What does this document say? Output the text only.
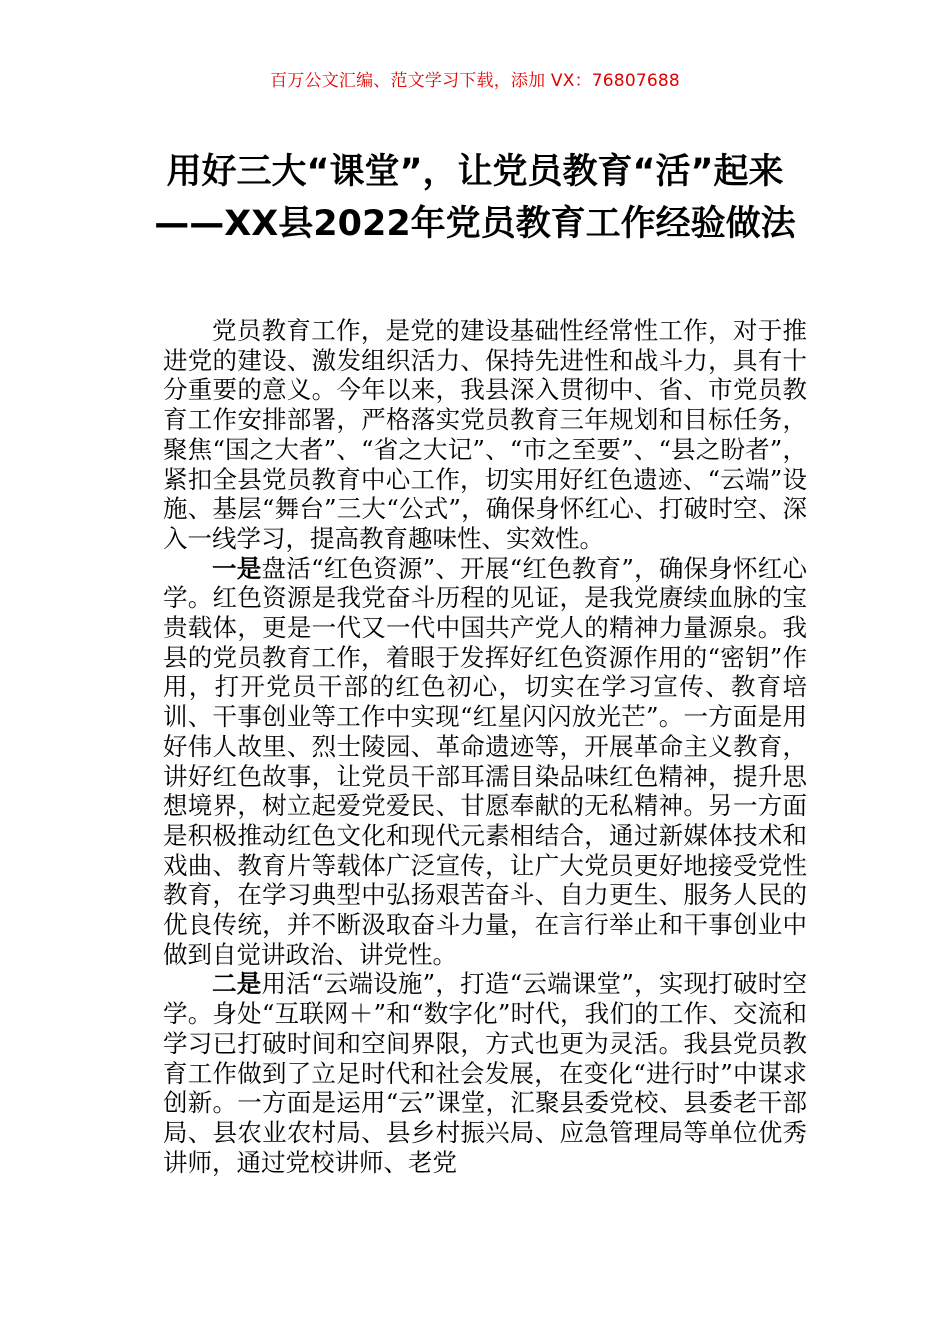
百万公文汇编、范文学习下载，添加 VX：76807688
用好三大“课堂”，让党员教育“活”起来——XX县2022年党员教育工作经验做法

党员教育工作，是党的建设基础性经常性工作，对于推进党的建设、激发组织活力、保持先进性和战斗力，具有十分重要的意义。今年以来，我县深入贯彻中、省、市党员教育工作安排部署，严格落实党员教育三年规划和目标任务，聚焦“国之大者”、“省之大记”、“市之至要”、“县之盼者”，紧扣全县党员教育中心工作，切实用好红色遗迹、“云端”设施、基层“舞台”三大“公式”，确保身怀红心、打破时空、深入一线学习，提高教育趣味性、实效性。

一是盘活“红色资源”、开展“红色教育”，确保身怀红心学。红色资源是我党奋斗历程的见证，是我党赓续血脉的宝贵载体，更是一代又一代中国共产党人的精神力量源泉。我县的党员教育工作，着眼于发挥好红色资源作用的“密钥”作用，打开党员干部的红色初心，切实在学习宣传、教育培训、干事创业等工作中实现“红星闪闪放光芒”。一方面是用好伟人故里、烈士陵园、革命遗迹等，开展革命主义教育，讲好红色故事，让党员干部耳濡目染品味红色精神，提升思想境界，树立起爱党爱民、甘愿奉献的无私精神。另一方面是积极推动红色文化和现代元素相结合，通过新媒体技术和戏曲、教育片等载体广泛宣传，让广大党员更好地接受党性教育，在学习典型中弘扬艰苦奋斗、自力更生、服务人民的优良传统，并不断汲取奋斗力量，在言行举止和干事创业中做到自觉讲政治、讲党性。

二是用活“云端设施”，打造“云端课堂”，实现打破时空学。身处“互联网＋”和“数字化”时代，我们的工作、交流和学习已打破时间和空间界限，方式也更为灵活。我县党员教育工作做到了立足时代和社会发展，在变化“进行时”中谋求创新。一方面是运用“云”课堂，汇聚县委党校、县委老干部局、县农业农村局、县乡村振兴局、应急管理局等单位优秀讲师，通过党校讲师、老党
